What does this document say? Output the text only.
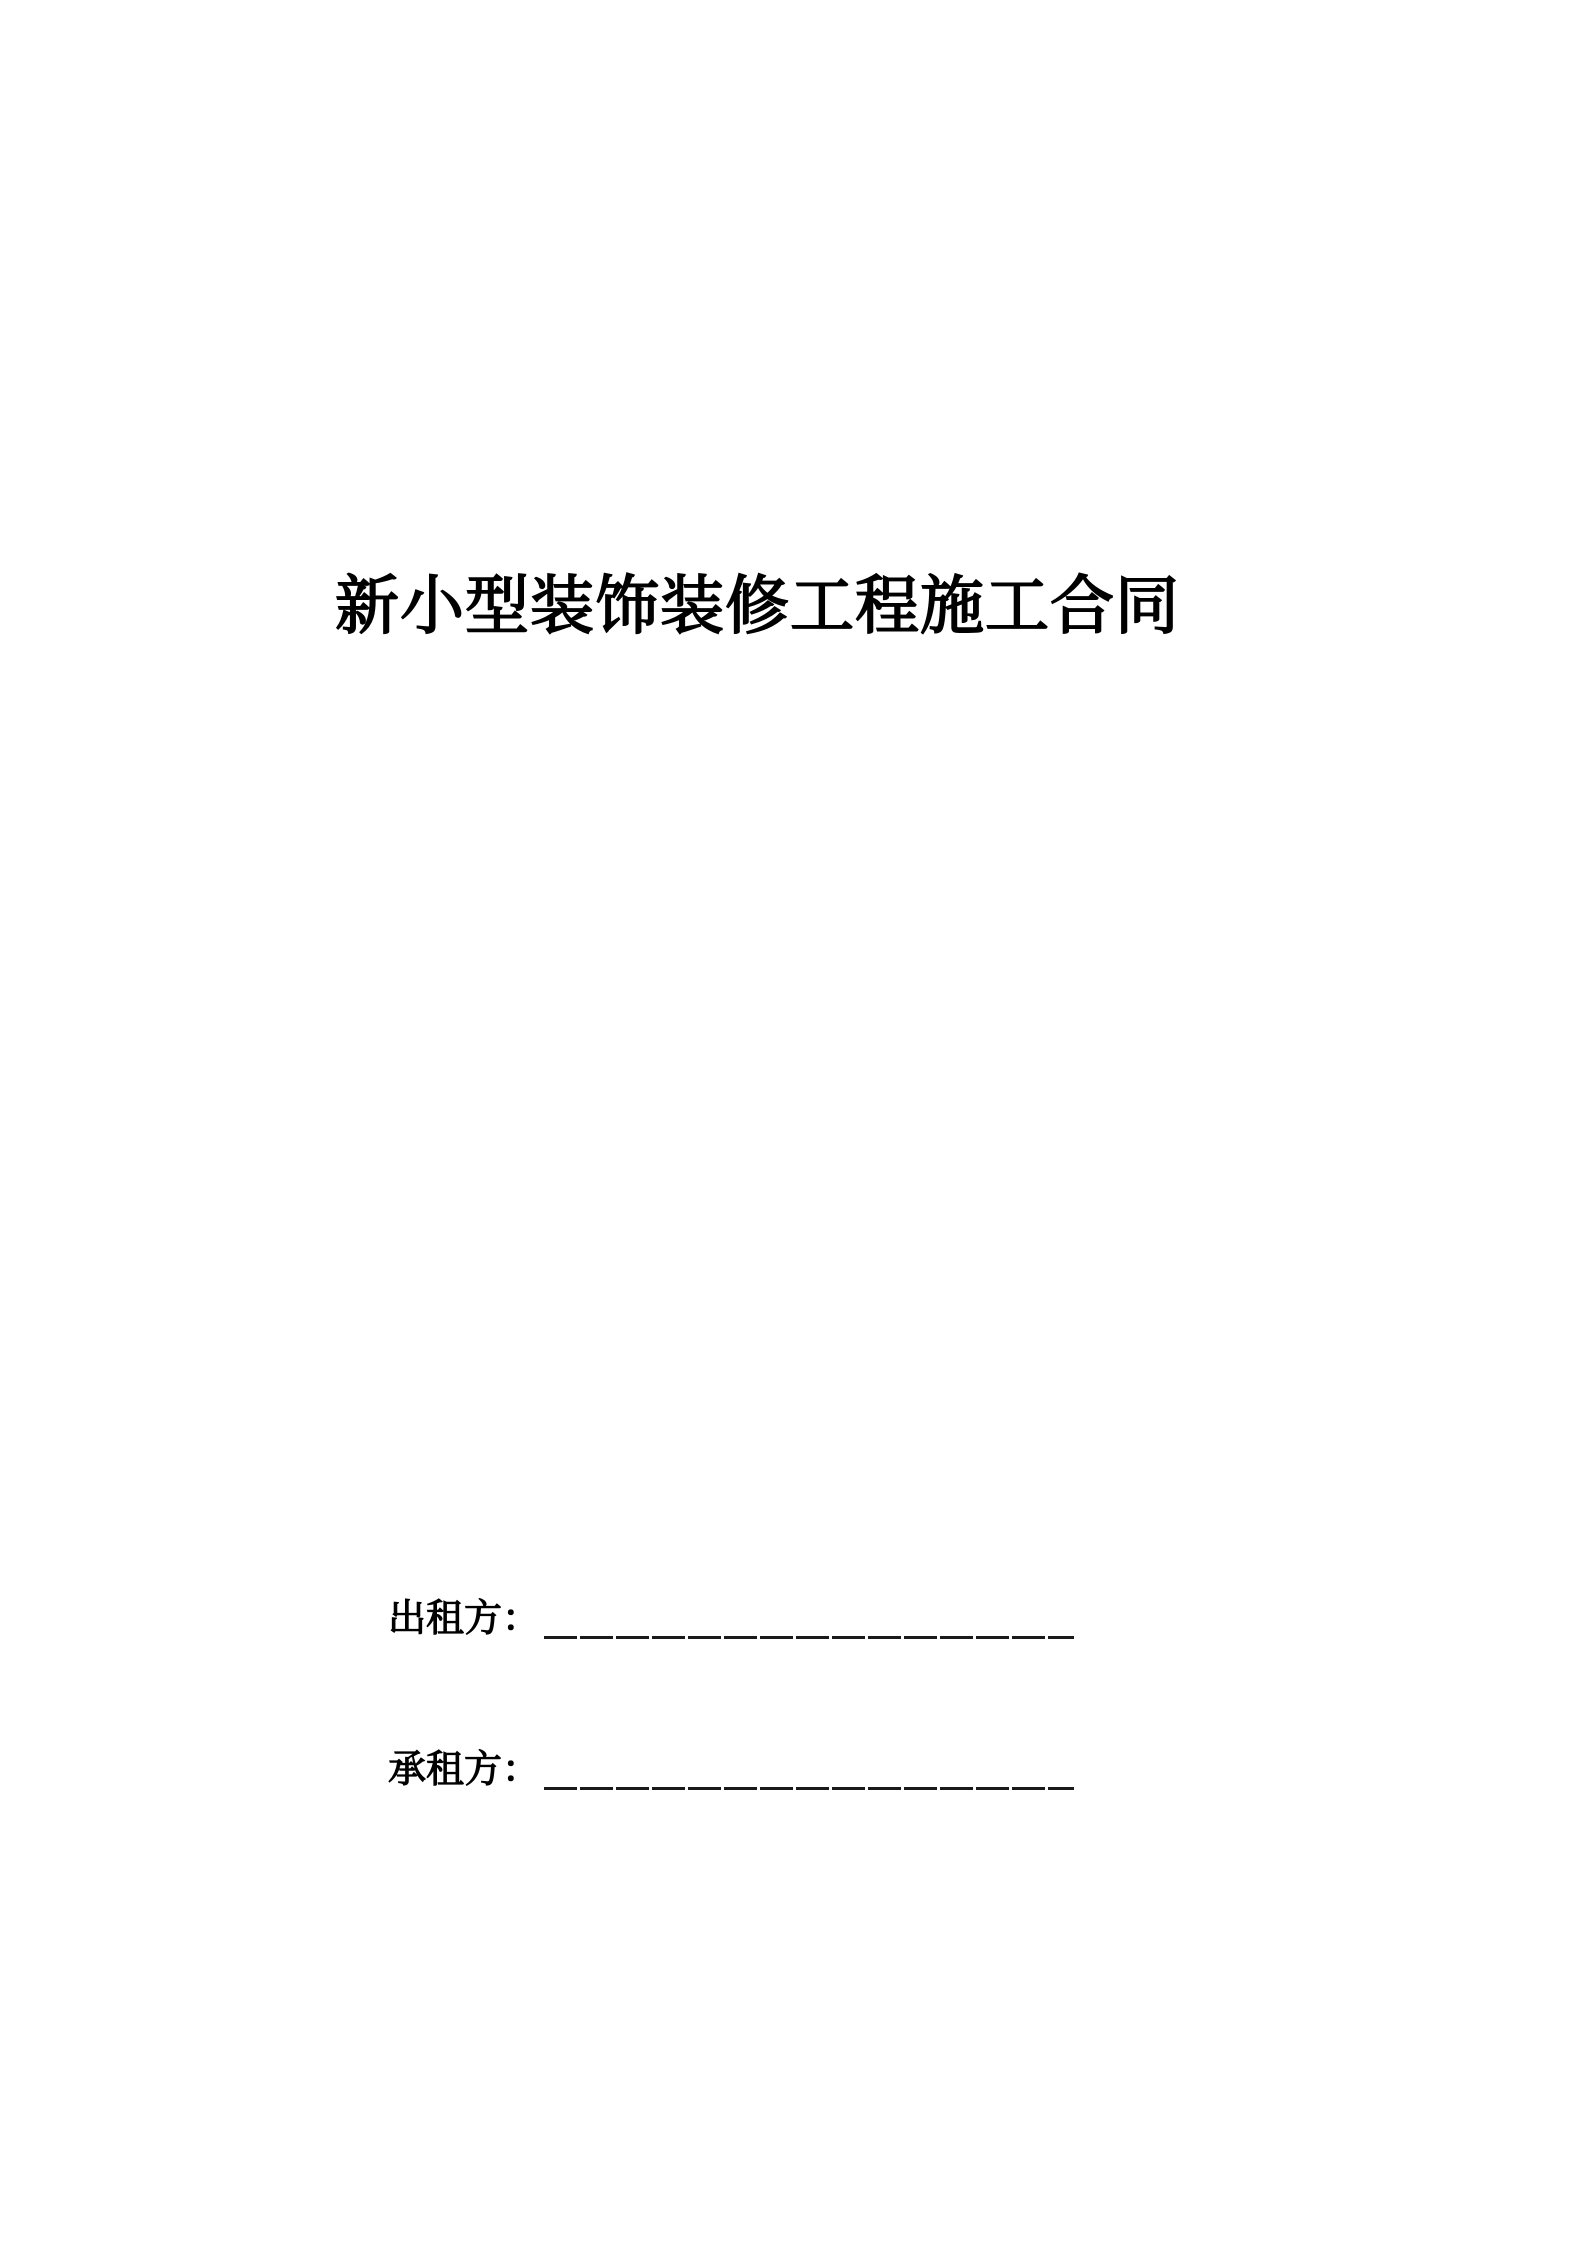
新小型装饰装修工程施工合同
出租方：
承租方：
